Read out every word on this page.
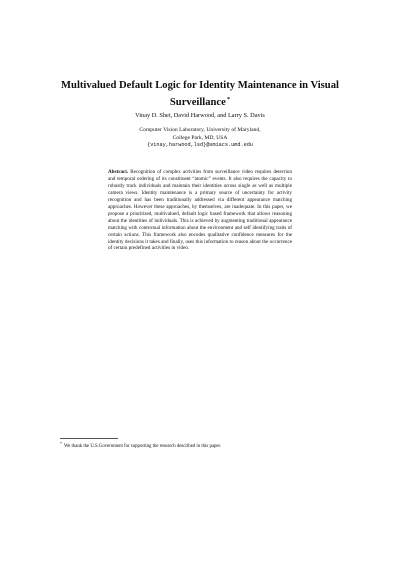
Multivalued Default Logic for Identity Maintenance in Visual Surveillance*
Vinay D. Shet, David Harwood, and Larry S. Davis
Computer Vision Laboratory, University of Maryland,
College Park, MD, USA
{vinay,harwood,lsd}@umiacs.umd.edu
Abstract. Recognition of complex activities from surveillance video requires detection and temporal ordering of its constituent “atomic” events. It also requires the capacity to robustly track individuals and maintain their identities across single as well as multiple camera views. Identity maintenance is a primary source of uncertainty for activity recognition and has been traditionally addressed via different appearance matching approaches. However these approaches, by themselves, are inadequate. In this paper, we propose a prioritized, multivalued, default logic based framework that allows reasoning about the identities of individuals. This is achieved by augmenting traditional appearance matching with contextual information about the environment and self identifying traits of certain actions. This framework also encodes qualitative confidence measures for the identity decisions it takes and finally, uses this information to reason about the occurrence of certain predefined activities in video.
*We thank the U.S.Government for supporting the research described in this paper.
